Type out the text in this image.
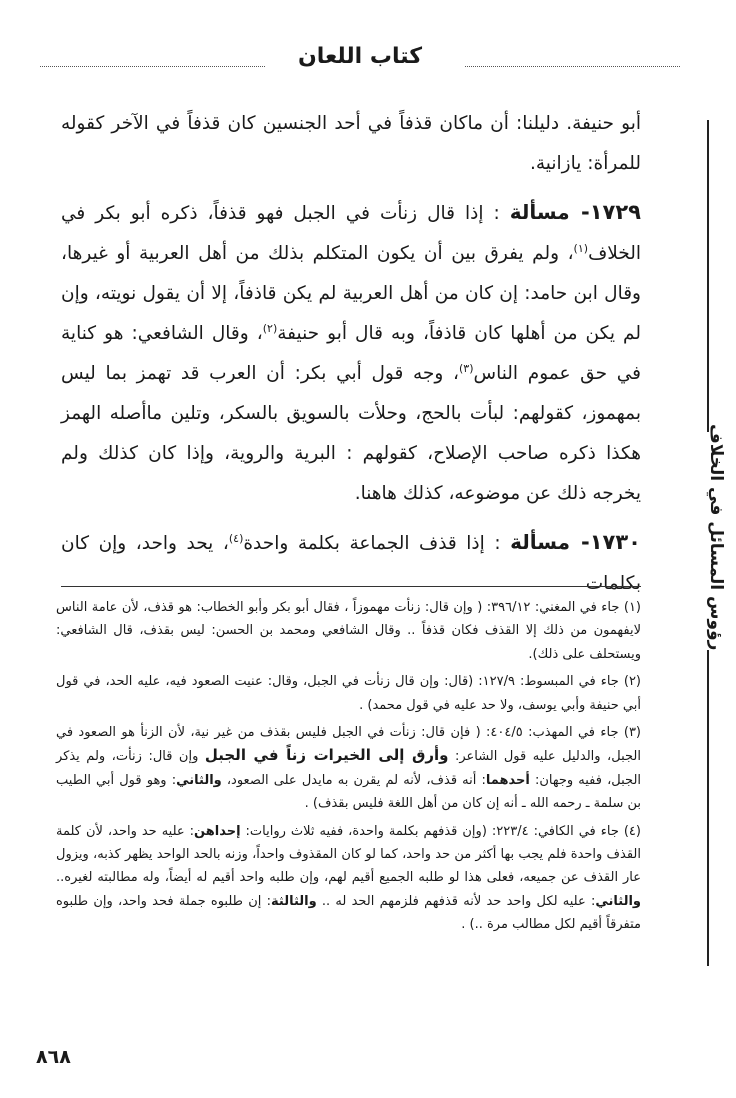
كتاب اللعان
رؤوس المسائل في الخلاف

أبو حنيفة. دليلنا: أن ماكان قذفاً في أحد الجنسين كان قذفاً في الآخر كقوله للمرأة: يازانية.

١٧٢٩- مسألة : إذا قال زنأت في الجبل فهو قذفاً، ذكره أبو بكر في الخلاف$^{(١)}$، ولم يفرق بين أن يكون المتكلم بذلك من أهل العربية أو غيرها، وقال ابن حامد: إن كان من أهل العربية لم يكن قاذفاً، إلا أن يقول نويته، وإن لم يكن من أهلها كان قاذفاً، وبه قال أبو حنيفة$^{(٢)}$، وقال الشافعي: هو كناية في حق عموم الناس$^{(٣)}$، وجه قول أبي بكر: أن العرب قد تهمز بما ليس بمهموز، كقولهم: لبأت بالحج، وحلأت بالسويق بالسكر، وتلين ماأصله الهمز هكذا ذكره صاحب الإصلاح، كقولهم : البرية والروية، وإذا كان كذلك ولم يخرجه ذلك عن موضوعه، كذلك هاهنا.

١٧٣٠- مسألة : إذا قذف الجماعة بكلمة واحدة$^{(٤)}$، يحد واحد، وإن كان بكلمات

(١) جاء في المغني: ٣٩٦/١٢: ( وإن قال: زنأت مهموزاً ، فقال أبو بكر وأبو الخطاب: هو قذف، لأن عامة الناس لايفهمون من ذلك إلا القذف فكان قذفاً .. وقال الشافعي ومحمد بن الحسن: ليس بقذف، قال الشافعي: ويستحلف على ذلك).

(٢) جاء في المبسوط: ١٢٧/٩: (قال: وإن قال زنأت في الجبل، وقال: عنيت الصعود فيه، عليه الحد، في قول أبي حنيفة وأبي يوسف، ولا حد عليه في قول محمد) .

(٣) جاء في المهذب: ٤٠٤/٥: ( فإن قال: زنأت في الجبل فليس بقذف من غير نية، لأن الزنأ هو الصعود في الجبل، والدليل عليه قول الشاعر: وأرق إلى الخيرات زناً في الجبل وإن قال: زنأت، ولم يذكر الجبل، ففيه وجهان: أحدهما: أنه قذف، لأنه لم يقرن به مايدل على الصعود، والثاني: وهو قول أبي الطيب بن سلمة ـ رحمه الله ـ أنه إن كان من أهل اللغة فليس بقذف) .

(٤) جاء في الكافي: ٢٢٣/٤: (وإن قذفهم بكلمة واحدة، ففيه ثلاث روايات: إحداهن: عليه حد واحد، لأن كلمة القذف واحدة فلم يجب بها أكثر من حد واحد، كما لو كان المقذوف واحداً، وزنه بالحد الواحد يظهر كذبه، ويزول عار القذف عن جميعه، فعلى هذا لو طلبه الجميع أقيم لهم، وإن طلبه واحد أقيم له أيضاً، وله مطالبته لغيره.. والثاني: عليه لكل واحد حد لأنه قذفهم فلزمهم الحد له .. والثالثة: إن طلبوه جملة فحد واحد، وإن طلبوه متفرقاً أقيم لكل مطالب مرة ..) .

٨٦٨
